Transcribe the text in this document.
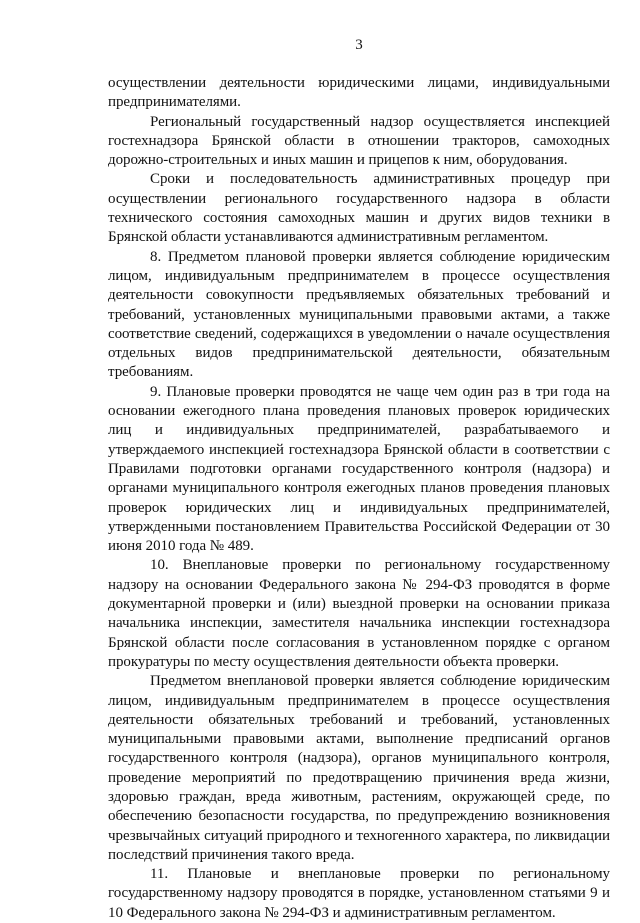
3

осуществлении деятельности юридическими лицами, индивидуальными предпринимателями.

Региональный государственный надзор осуществляется инспекцией гостехнадзора Брянской области в отношении тракторов, самоходных дорожно-строительных и иных машин и прицепов к ним, оборудования.

Сроки и последовательность административных процедур при осуществлении регионального государственного надзора в области технического состояния самоходных машин и других видов техники в Брянской области устанавливаются административным регламентом.

8. Предметом плановой проверки является соблюдение юридическим лицом, индивидуальным предпринимателем в процессе осуществления деятельности совокупности предъявляемых обязательных требований и требований, установленных муниципальными правовыми актами, а также соответствие сведений, содержащихся в уведомлении о начале осуществления отдельных видов предпринимательской деятельности, обязательным требованиям.

9. Плановые проверки проводятся не чаще чем один раз в три года на основании ежегодного плана проведения плановых проверок юридических лиц и индивидуальных предпринимателей, разрабатываемого и утверждаемого инспекцией гостехнадзора Брянской области в соответствии с Правилами подготовки органами государственного контроля (надзора) и органами муниципального контроля ежегодных планов проведения плановых проверок юридических лиц и индивидуальных предпринимателей, утвержденными постановлением Правительства Российской Федерации от 30 июня 2010 года № 489.

10. Внеплановые проверки по региональному государственному надзору на основании Федерального закона № 294-ФЗ проводятся в форме документарной проверки и (или) выездной проверки на основании приказа начальника инспекции, заместителя начальника инспекции гостехнадзора Брянской области после согласования в установленном порядке с органом прокуратуры по месту осуществления деятельности объекта проверки.

Предметом внеплановой проверки является соблюдение юридическим лицом, индивидуальным предпринимателем в процессе осуществления деятельности обязательных требований и требований, установленных муниципальными правовыми актами, выполнение предписаний органов государственного контроля (надзора), органов муниципального контроля, проведение мероприятий по предотвращению причинения вреда жизни, здоровью граждан, вреда животным, растениям, окружающей среде, по обеспечению безопасности государства, по предупреждению возникновения чрезвычайных ситуаций природного и техногенного характера, по ликвидации последствий причинения такого вреда.

11. Плановые и внеплановые проверки по региональному государственному надзору проводятся в порядке, установленном статьями 9 и 10 Федерального закона № 294-ФЗ и административным регламентом.
